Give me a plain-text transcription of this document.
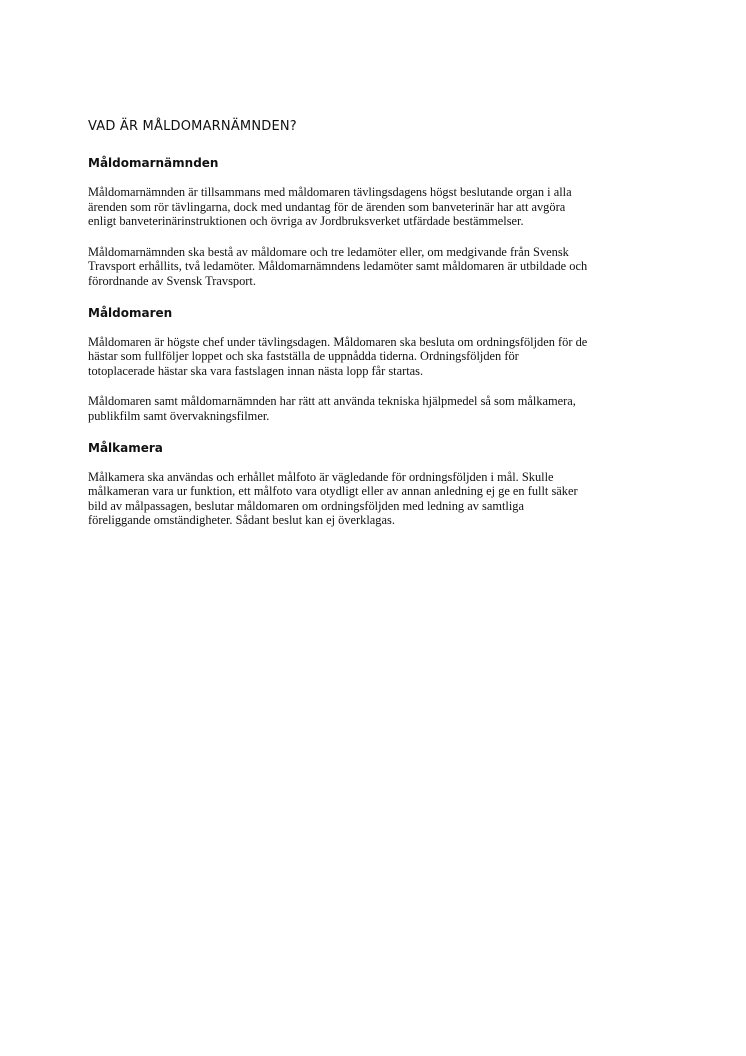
VAD ÄR MÅLDOMARNÄMNDEN?
Måldomarnämnden

Måldomarnämnden är tillsammans med måldomaren tävlingsdagens högst beslutande organ i alla ärenden som rör tävlingarna, dock med undantag för de ärenden som banveterinär har att avgöra enligt banveterinärinstruktionen och övriga av Jordbruksverket utfärdade bestämmelser.

Måldomarnämnden ska bestå av måldomare och tre ledamöter eller, om medgivande från Svensk Travsport erhållits, två ledamöter. Måldomarnämndens ledamöter samt måldomaren är utbildade och förordnande av Svensk Travsport.

Måldomaren

Måldomaren är högste chef under tävlingsdagen. Måldomaren ska besluta om ordningsföljden för de hästar som fullföljer loppet och ska fastställa de uppnådda tiderna. Ordningsföljden för totoplacerade hästar ska vara fastslagen innan nästa lopp får startas.

Måldomaren samt måldomarnämnden har rätt att använda tekniska hjälpmedel så som målkamera, publikfilm samt övervakningsfilmer.

Målkamera

Målkamera ska användas och erhållet målfoto är vägledande för ordningsföljden i mål. Skulle målkameran vara ur funktion, ett målfoto vara otydligt eller av annan anledning ej ge en fullt säker bild av målpassagen, beslutar måldomaren om ordningsföljden med ledning av samtliga föreliggande omständigheter. Sådant beslut kan ej överklagas.
